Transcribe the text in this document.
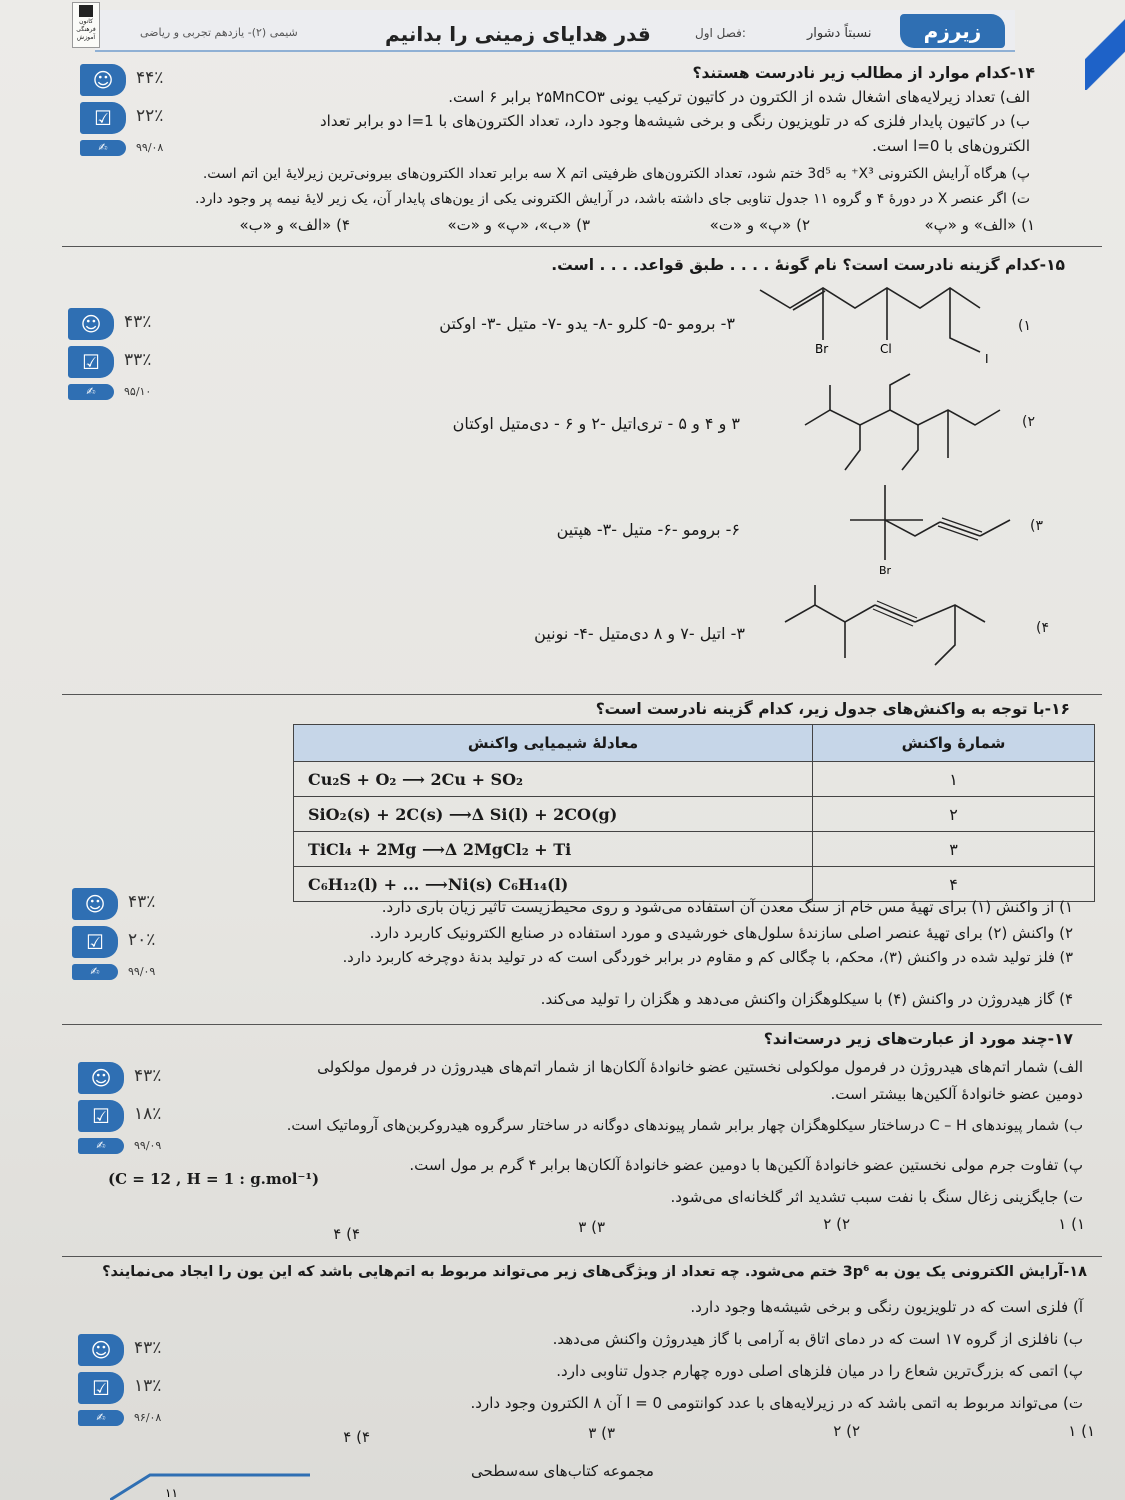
شیمی (۲)- یازدهم تجربی و ریاضی	قدر هدایای زمینی را بدانیم	فصل اول:	نسبتاً دشوار	زیرزم
کانون فرهنگی آموزش
☺	۴۴٪
☑	۲۲٪
✍	۹۹/۰۸
۱۴-کدام موارد از مطالب زیر نادرست هستند؟
الف) تعداد زیرلایه‌های اشغال شده از الکترون در کاتیون ترکیب یونی ۲۵MnCO۳ برابر ۶ است.
ب) در کاتیون پایدار فلزی که در تلویزیون رنگی و برخی شیشه‌ها وجود دارد، تعداد الکترون‌های با l=1 دو برابر تعداد
الکترون‌های با l=0 است.
پ) هرگاه آرایش الکترونی X³⁺ به 3d⁵ ختم شود، تعداد الکترون‌های ظرفیتی اتم X سه برابر تعداد الکترون‌های بیرونی‌ترین زیرلایهٔ این اتم است.
ت) اگر عنصر X در دورهٔ ۴ و گروه ۱۱ جدول تناوبی جای داشته باشد، در آرایش الکترونی یکی از یون‌های پایدار آن، یک زیر لایهٔ نیمه پر وجود دارد.
۱) «الف» و «پ»
۲) «پ» و «ت»
۳) «ب»، «پ» و «ت»
۴) «الف» و «ب»
۱۵-کدام گزینه نادرست است؟ نام گونهٔ . . . . طبق قواعد. . . . است.
☺	۴۳٪
☑	۳۳٪
✍	۹۵/۱۰
۱)
۳- برومو -۵- کلرو -۸- یدو -۷- متیل -۳- اوکتن
Br	Cl
I
۲)
۳ و ۴ و ۵ - تری‌اتیل -۲ و ۶ - دی‌متیل اوکتان
۳)
۶- برومو -۶- متیل -۳- هپتین
Br
۴)
۳- اتیل -۷ و ۸ دی‌متیل -۴- نونین
۱۶-با توجه به واکنش‌های جدول زیر، کدام گزینه نادرست است؟
معادلهٔ شیمیایی واکنش	شمارهٔ واکنش
Cu₂S + O₂ ⟶ 2Cu + SO₂	۱
SiO₂(s) + 2C(s) ⟶Δ Si(l) + 2CO(g)	۲
TiCl₄ + 2Mg ⟶Δ 2MgCl₂ + Ti	۳
C₆H₁₂(l) + ... ⟶Ni(s) C₆H₁₄(l)	۴
☺	۴۳٪
☑	۲۰٪
✍	۹۹/۰۹
۱) از واکنش (۱) برای تهیهٔ مس خام از سنگ معدن آن استفاده می‌شود و روی محیط‌زیست تاثیر زیان باری دارد.
۲) واکنش (۲) برای تهیهٔ عنصر اصلی سازندهٔ سلول‌های خورشیدی و مورد استفاده در صنایع الکترونیک کاربرد دارد.
۳) فلز تولید شده در واکنش (۳)، محکم، با چگالی کم و مقاوم در برابر خوردگی است که در تولید بدنهٔ دوچرخه کاربرد دارد.
۴) گاز هیدروژن در واکنش (۴) با سیکلوهگزان واکنش می‌دهد و هگزان را تولید می‌کند.
۱۷-چند مورد از عبارت‌های زیر درست‌اند؟
☺	۴۳٪
☑	۱۸٪
✍	۹۹/۰۹
الف) شمار اتم‌های هیدروژن در فرمول مولکولی نخستین عضو خانوادهٔ آلکان‌ها از شمار اتم‌های هیدروژن در فرمول مولکولی
دومین عضو خانوادهٔ آلکین‌ها بیشتر است.
ب) شمار پیوندهای C – H درساختار سیکلوهگزان چهار برابر شمار پیوندهای دوگانه در ساختار سرگروه هیدروکربن‌های آروماتیک است.
پ) تفاوت جرم مولی نخستین عضو خانوادهٔ آلکین‌ها با دومین عضو خانوادهٔ آلکان‌ها برابر ۴ گرم بر مول است.
(C = 12 , H = 1 : g.mol⁻¹)
ت) جایگزینی زغال سنگ با نفت سبب تشدید اثر گلخانه‌ای می‌شود.
۱) ۱
۲) ۲
۳) ۳
۴) ۴
۱۸-آرایش الکترونی یک یون به 3p⁶ ختم می‌شود. چه تعداد از ویژگی‌های زیر می‌تواند مربوط به اتم‌هایی باشد که این یون را ایجاد می‌نمایند؟
آ) فلزی است که در تلویزیون رنگی و برخی شیشه‌ها وجود دارد.
☺	۴۳٪
☑	۱۳٪
✍	۹۶/۰۸
ب) نافلزی از گروه ۱۷ است که در دمای اتاق به آرامی با گاز هیدروژن واکنش می‌دهد.
پ) اتمی که بزرگ‌ترین شعاع را در میان فلزهای اصلی دوره چهارم جدول تناوبی دارد.
ت) می‌تواند مربوط به اتمی باشد که در زیرلایه‌های با عدد کوانتومی l = 0 آن ۸ الکترون وجود دارد.
۱) ۱
۲) ۲
۳) ۳
۴) ۴
۱۱
مجموعه کتاب‌های سه‌سطحی
